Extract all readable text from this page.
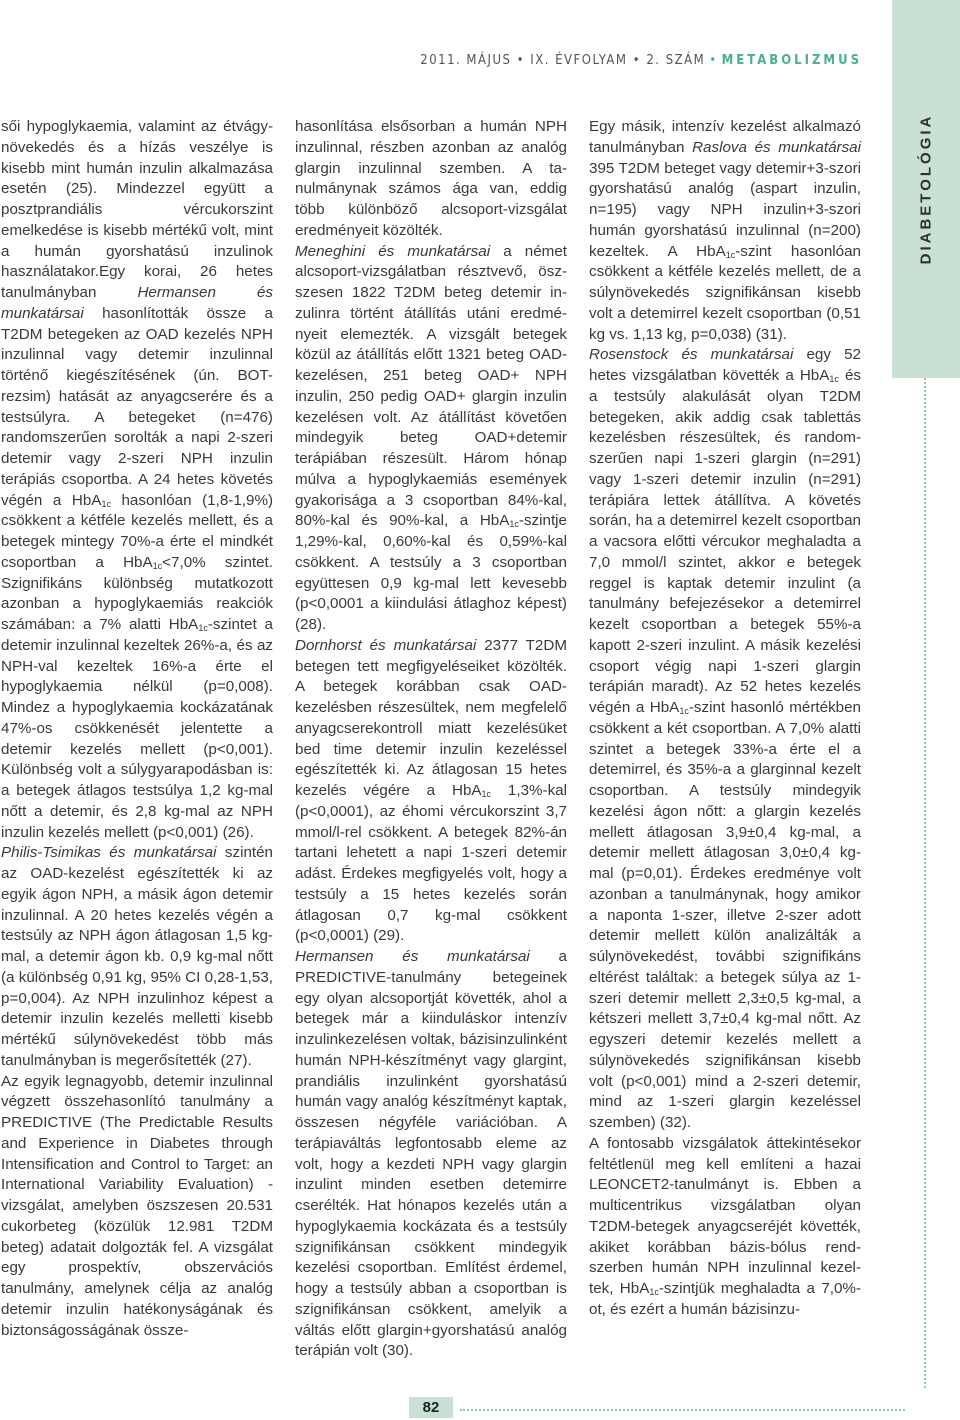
2011. MÁJUS • IX. ÉVFOLYAM • 2. SZÁM • METABOLIZMUS
DIABETOLÓGIA
82

sői hypoglykaemia, valamint az étvágynövekedés és a hízás veszélye is kisebb mint humán inzulin alkalmazása esetén (25). Mindezzel együtt a posztprandiális vércukorszint emelkedése is kisebb mértékű volt, mint a humán gyorshatású inzulinok használatakor.Egy korai, 26 hetes tanulmányban Hermansen és munkatársai hasonlították össze a T2DM betegeken az OAD kezelés NPH inzulinnal vagy detemir inzulinnal történő kiegészítésének (ún. BOT-rezsim) hatását az anyagcserére és a testsúlyra. A betegeket (n=476) randomszerűen sorolták a napi 2-szeri detemir vagy 2-szeri NPH inzulin terápiás csoportba. A 24 hetes követés végén a HbA$_{1c}$ hasonlóan (1,8-1,9%) csökkent a kétféle kezelés mellett, és a betegek mintegy 70%-a érte el mindkét csoportban a HbA$_{1c}$<7,0% szintet. Szignifikáns különbség mutatkozott azonban a hypoglykaemiás reakciók számában: a 7% alatti HbA$_{1c}$-szintet a detemir inzulinnal kezeltek 26%-a, és az NPH-val kezeltek 16%-a érte el hypoglykaemia nélkül (p=0,008). Mindez a hypoglykaemia kockázatának 47%-os csökkenését jelentette a detemir kezelés mellett (p<0,001). Különbség volt a súlygyarapodásban is: a betegek átlagos testsúlya 1,2 kg-mal nőtt a detemir, és 2,8 kg-mal az NPH inzulin kezelés mellett (p<0,001) (26).

Philis-Tsimikas és munkatársai szintén az OAD-kezelést egészítették ki az egyik ágon NPH, a másik ágon detemir inzulinnal. A 20 hetes kezelés végén a testsúly az NPH ágon átlagosan 1,5 kg-mal, a detemir ágon kb. 0,9 kg-mal nőtt (a különbség 0,91 kg, 95% CI 0,28-1,53, p=0,004). Az NPH inzulinhoz képest a detemir inzulin kezelés melletti kisebb mértékű súlynövekedést több más tanulmányban is megerősítették (27).

Az egyik legnagyobb, detemir inzulinnal végzett összehasonlító tanulmány a PREDICTIVE (The Predictable Results and Experience in Diabetes through Intensification and Control to Target: an International Variability Evaluation) -vizsgálat, amelyben öszszesen 20.531 cukorbeteg (közülük 12.981 T2DM beteg) adatait dolgozták fel. A vizsgálat egy prospektív, obszervációs tanulmány, amelynek célja az analóg detemir inzulin hatékonyságának és biztonságosságának össze-

hasonlítása elsősorban a humán NPH inzulinnal, részben azonban az analóg glargin inzulinnal szemben. A tanulmánynak számos ága van, eddig több különböző alcsoport-vizsgálat eredményeit közölték.

Meneghini és munkatársai a német alcsoport-vizsgálatban résztvevő, öszszesen 1822 T2DM beteg detemir inzulinra történt átállítás utáni eredményeit elemezték. A vizsgált betegek közül az átállítás előtt 1321 beteg OAD-kezelésen, 251 beteg OAD+ NPH inzulin, 250 pedig OAD+ glargin inzulin kezelésen volt. Az átállítást követően mindegyik beteg OAD+detemir terápiában részesült. Három hónap múlva a hypoglykaemiás események gyakorisága a 3 csoportban 84%-kal, 80%-kal és 90%-kal, a HbA$_{1c}$-szintje 1,29%-kal, 0,60%-kal és 0,59%-kal csökkent. A testsúly a 3 csoportban együttesen 0,9 kg-mal lett kevesebb (p<0,0001 a kiindulási átlaghoz képest) (28).

Dornhorst és munkatársai 2377 T2DM betegen tett megfigyeléseiket közölték. A betegek korábban csak OAD-kezelésben részesültek, nem megfelelő anyagcserekontroll miatt kezelésüket bed time detemir inzulin kezeléssel egészítették ki. Az átlagosan 15 hetes kezelés végére a HbA$_{1c}$ 1,3%-kal (p<0,0001), az éhomi vércukorszint 3,7 mmol/l-rel csökkent. A betegek 82%-án tartani lehetett a napi 1-szeri detemir adást. Érdekes megfigyelés volt, hogy a testsúly a 15 hetes kezelés során átlagosan 0,7 kg-mal csökkent (p<0,0001) (29).

Hermansen és munkatársai a PREDICTIVE-tanulmány betegeinek egy olyan alcsoportját követték, ahol a betegek már a kiinduláskor intenzív inzulinkezelésen voltak, bázisinzulinként humán NPH-készítményt vagy glargint, prandiális inzulinként gyorshatású humán vagy analóg készítményt kaptak, összesen négyféle variációban. A terápiaváltás legfontosabb eleme az volt, hogy a kezdeti NPH vagy glargin inzulint minden esetben detemirre cserélték. Hat hónapos kezelés után a hypoglykaemia kockázata és a testsúly szignifikánsan csökkent mindegyik kezelési csoportban. Említést érdemel, hogy a testsúly abban a csoportban is szignifikánsan csökkent, amelyik a váltás előtt glargin+gyorshatású analóg terápián volt (30).

Egy másik, intenzív kezelést alkalmazó tanulmányban Raslova és munkatársai 395 T2DM beteget vagy detemir+3-szori gyorshatású analóg (aspart inzulin, n=195) vagy NPH inzulin+3-szori humán gyorshatású inzulinnal (n=200) kezeltek. A HbA$_{1c}$-szint hasonlóan csökkent a kétféle kezelés mellett, de a súlynövekedés szignifikánsan kisebb volt a detemirrel kezelt csoportban (0,51 kg vs. 1,13 kg, p=0,038) (31).

Rosenstock és munkatársai egy 52 hetes vizsgálatban követték a HbA$_{1c}$ és a testsúly alakulását olyan T2DM betegeken, akik addig csak tablettás kezelésben részesültek, és randomszerűen napi 1-szeri glargin (n=291) vagy 1-szeri detemir inzulin (n=291) terápiára lettek átállítva. A követés során, ha a detemirrel kezelt csoportban a vacsora előtti vércukor meghaladta a 7,0 mmol/l szintet, akkor e betegek reggel is kaptak detemir inzulint (a tanulmány befejezésekor a detemirrel kezelt csoportban a betegek 55%-a kapott 2-szeri inzulint. A másik kezelési csoport végig napi 1-szeri glargin terápián maradt). Az 52 hetes kezelés végén a HbA$_{1c}$-szint hasonló mértékben csökkent a két csoportban. A 7,0% alatti szintet a betegek 33%-a érte el a detemirrel, és 35%-a a glarginnal kezelt csoportban. A testsúly mindegyik kezelési ágon nőtt: a glargin kezelés mellett átlagosan 3,9±0,4 kg-mal, a detemir mellett átlagosan 3,0±0,4 kg-mal (p=0,01). Érdekes eredménye volt azonban a tanulmánynak, hogy amikor a naponta 1-szer, illetve 2-szer adott detemir mellett külön analizálták a súlynövekedést, további szignifikáns eltérést találtak: a betegek súlya az 1-szeri detemir mellett 2,3±0,5 kg-mal, a kétszeri mellett 3,7±0,4 kg-mal nőtt. Az egyszeri detemir kezelés mellett a súlynövekedés szignifikánsan kisebb volt (p<0,001) mind a 2-szeri detemir, mind az 1-szeri glargin kezeléssel szemben) (32).

A fontosabb vizsgálatok áttekintésekor feltétlenül meg kell említeni a hazai LEONCET2-tanulmányt is. Ebben a multicentrikus vizsgálatban olyan T2DM-betegek anyagcseréjét követték, akiket korábban bázis-bólus rendszerben humán NPH inzulinnal kezeltek, HbA$_{1c}$-szintjük meghaladta a 7,0%-ot, és ezért a humán bázisinzu-
